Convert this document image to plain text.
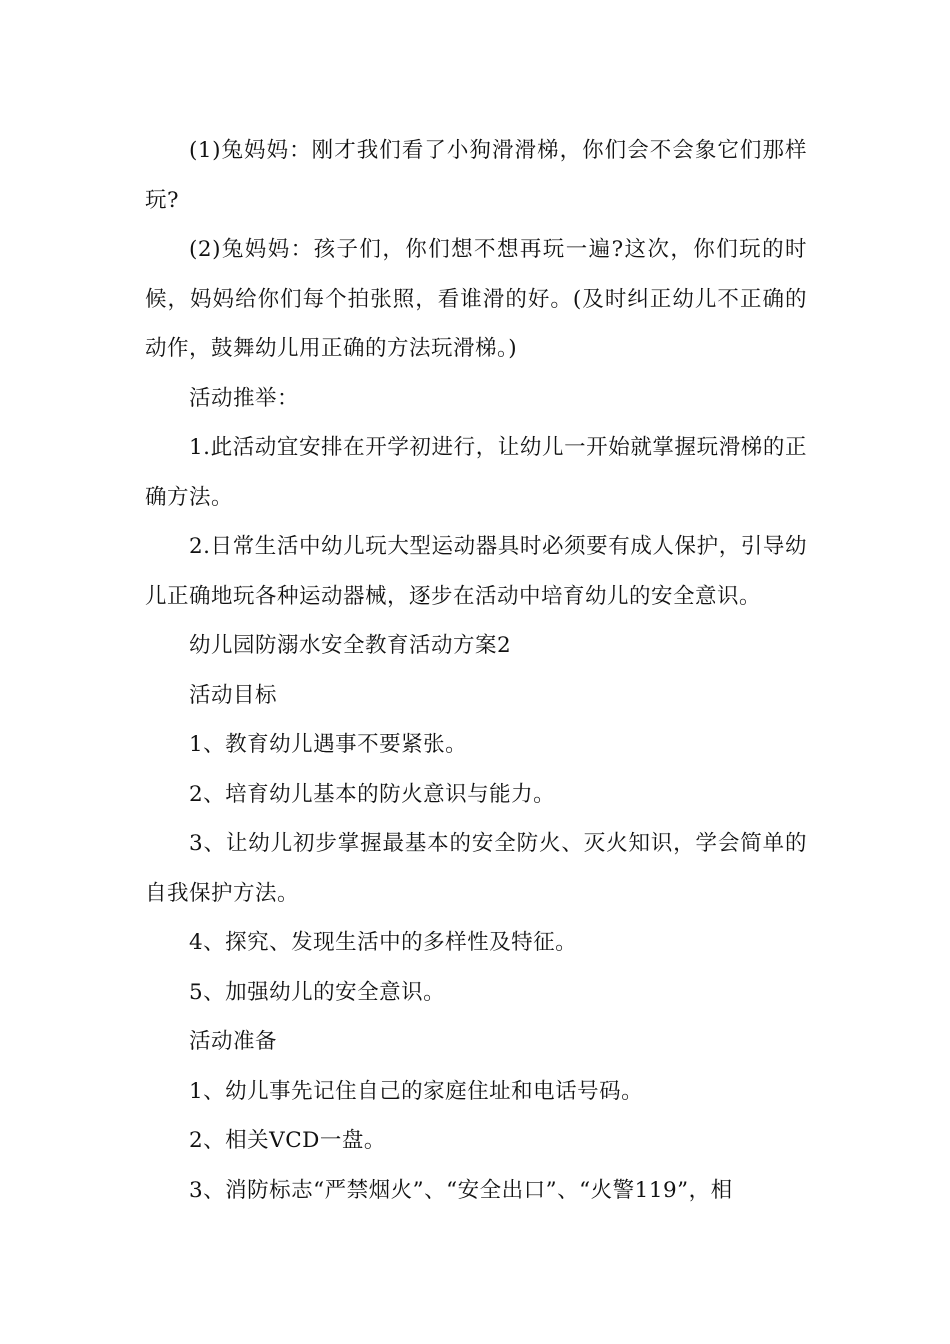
(1)兔妈妈：刚才我们看了小狗滑滑梯，你们会不会象它们那样玩?

(2)兔妈妈：孩子们，你们想不想再玩一遍?这次，你们玩的时候，妈妈给你们每个拍张照，看谁滑的好。(及时纠正幼儿不正确的动作，鼓舞幼儿用正确的方法玩滑梯。)

活动推举：

1.此活动宜安排在开学初进行，让幼儿一开始就掌握玩滑梯的正确方法。

2.日常生活中幼儿玩大型运动器具时必须要有成人保护，引导幼儿正确地玩各种运动器械，逐步在活动中培育幼儿的安全意识。

幼儿园防溺水安全教育活动方案2

活动目标

1、教育幼儿遇事不要紧张。

2、培育幼儿基本的防火意识与能力。

3、让幼儿初步掌握最基本的安全防火、灭火知识，学会简单的自我保护方法。

4、探究、发现生活中的多样性及特征。

5、加强幼儿的安全意识。

活动准备

1、幼儿事先记住自己的家庭住址和电话号码。

2、相关VCD一盘。

3、消防标志“严禁烟火”、“安全出口”、“火警119”，相
